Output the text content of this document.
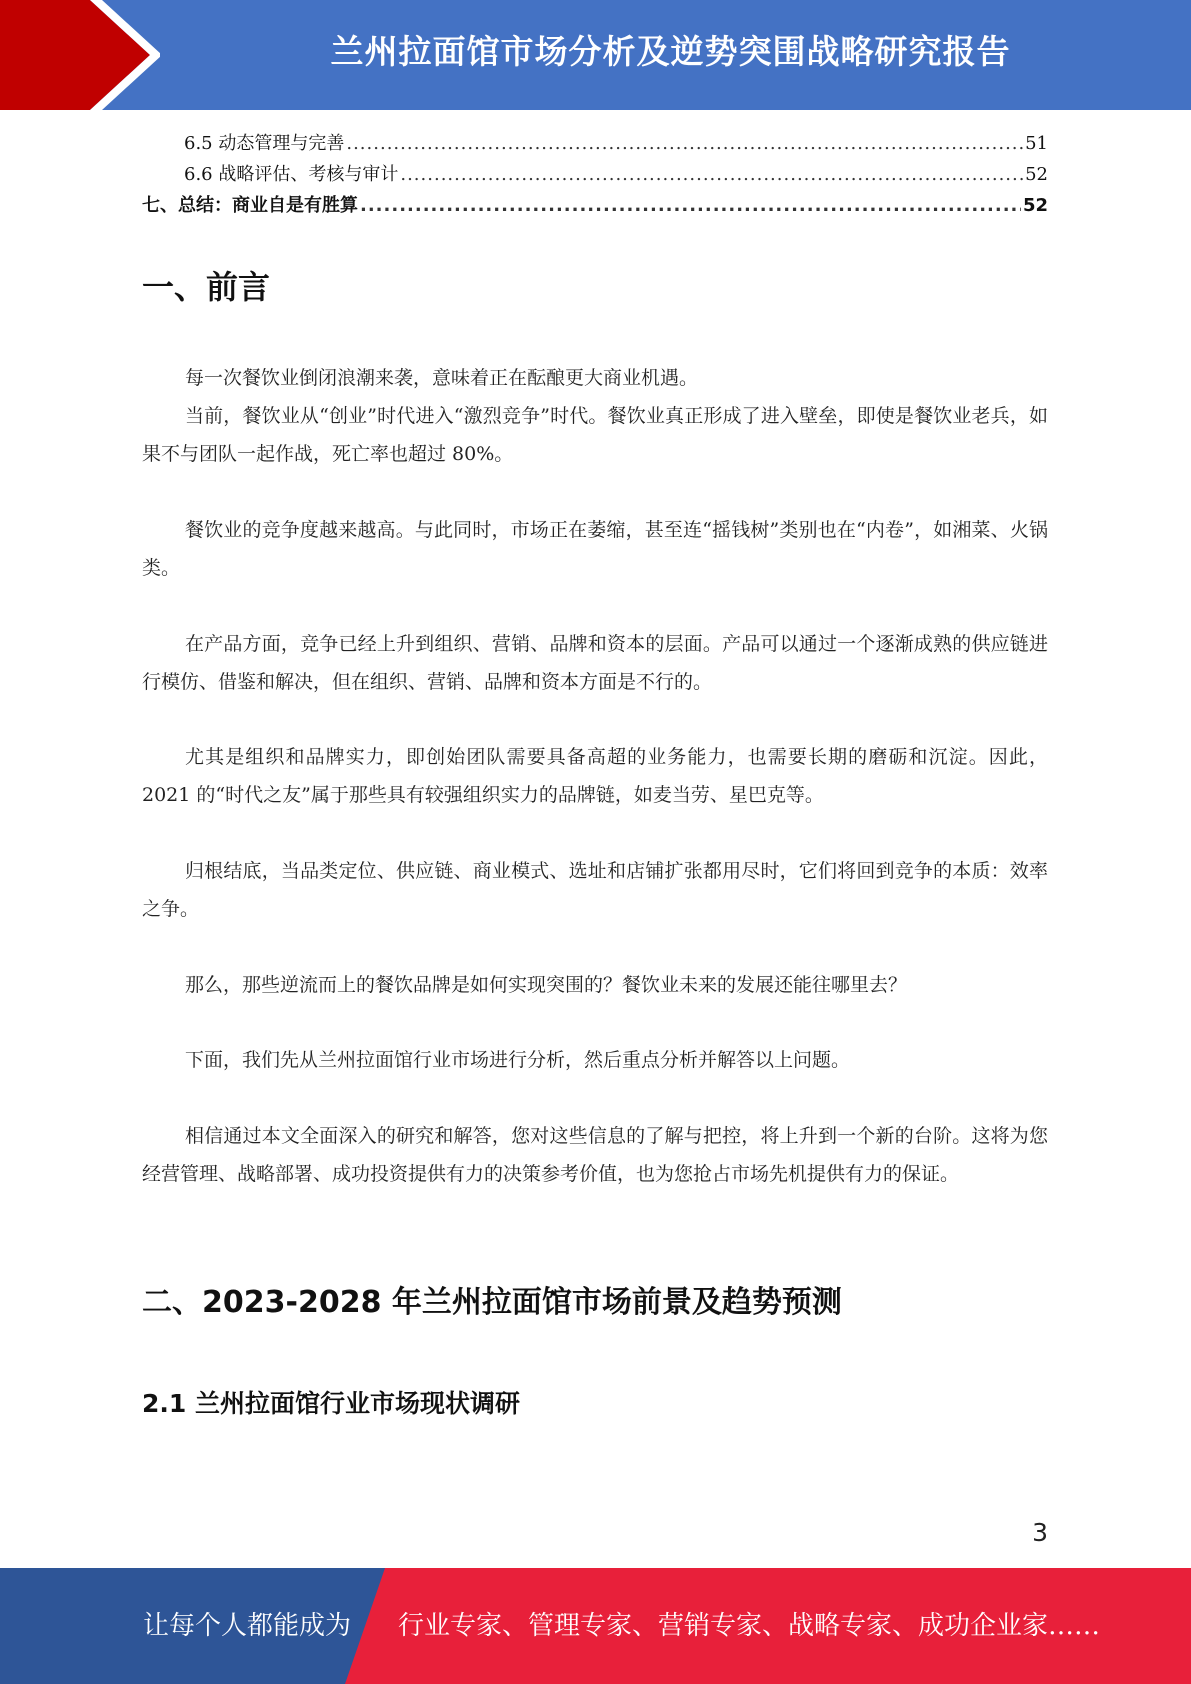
兰州拉面馆市场分析及逆势突围战略研究报告
6.5 动态管理与完善 .....	51
6.6 战略评估、考核与审计 .....	52
七、总结：商业自是有胜算 .....	52
一、前言

每一次餐饮业倒闭浪潮来袭，意味着正在酝酿更大商业机遇。

当前，餐饮业从“创业”时代进入“激烈竞争”时代。餐饮业真正形成了进入壁垒，即使是餐饮业老兵，如果不与团队一起作战，死亡率也超过 80%。

餐饮业的竞争度越来越高。与此同时，市场正在萎缩，甚至连“摇钱树”类别也在“内卷”，如湘菜、火锅类。

在产品方面，竞争已经上升到组织、营销、品牌和资本的层面。产品可以通过一个逐渐成熟的供应链进行模仿、借鉴和解决，但在组织、营销、品牌和资本方面是不行的。

尤其是组织和品牌实力，即创始团队需要具备高超的业务能力，也需要长期的磨砺和沉淀。因此，2021 的“时代之友”属于那些具有较强组织实力的品牌链，如麦当劳、星巴克等。

归根结底，当品类定位、供应链、商业模式、选址和店铺扩张都用尽时，它们将回到竞争的本质：效率之争。

那么，那些逆流而上的餐饮品牌是如何实现突围的？餐饮业未来的发展还能往哪里去？

下面，我们先从兰州拉面馆行业市场进行分析，然后重点分析并解答以上问题。

相信通过本文全面深入的研究和解答，您对这些信息的了解与把控，将上升到一个新的台阶。这将为您经营管理、战略部署、成功投资提供有力的决策参考价值，也为您抢占市场先机提供有力的保证。

二、2023-2028 年兰州拉面馆市场前景及趋势预测
2.1 兰州拉面馆行业市场现状调研
3
让每个人都能成为 行业专家、管理专家、营销专家、战略专家、成功企业家……
